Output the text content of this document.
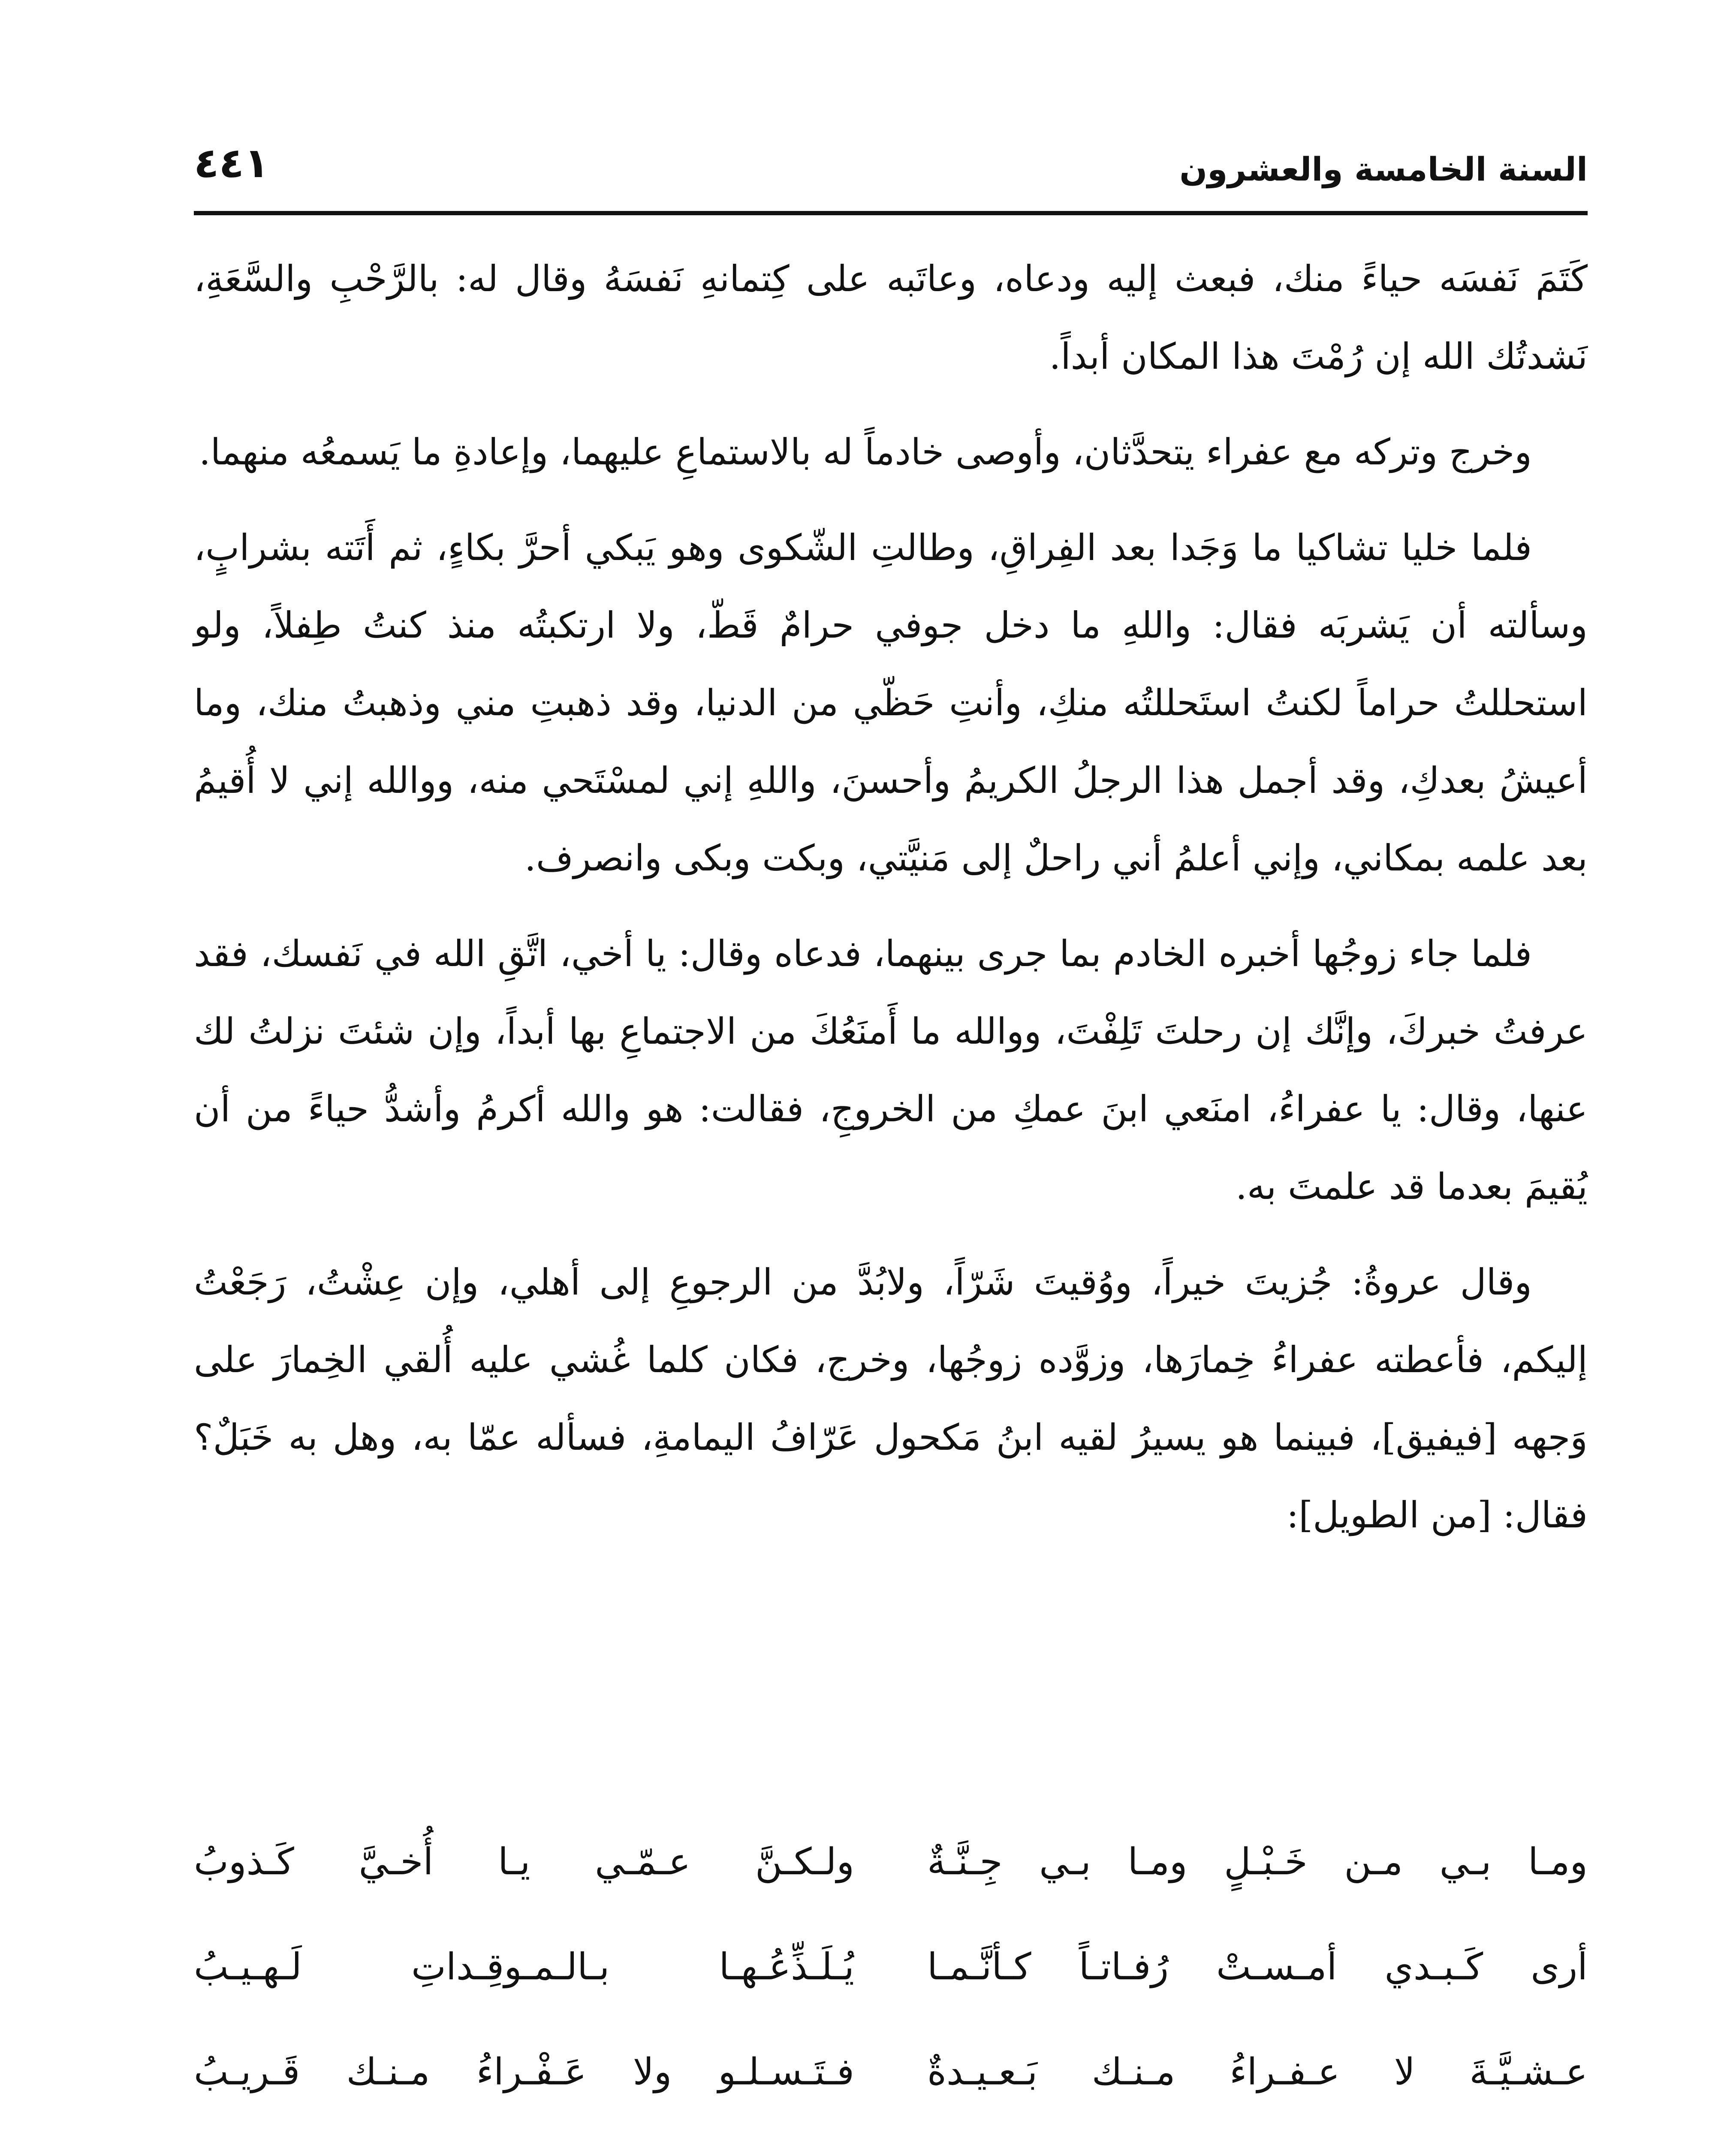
السنة الخامسة والعشرون
٤٤١

كَتَمَ نَفسَه حياءً منك، فبعث إليه ودعاه، وعاتَبه على كِتمانهِ نَفسَهُ وقال له: بالرَّحْبِ والسَّعَةِ، نَشدتُك الله إن رُمْتَ هذا المكان أبداً.

وخرج وتركه مع عفراء يتحدَّثان، وأوصى خادماً له بالاستماعِ عليهما، وإعادةِ ما يَسمعُه منهما.

فلما خليا تشاكيا ما وَجَدا بعد الفِراقِ، وطالتِ الشّكوى وهو يَبكي أحرَّ بكاءٍ، ثم أَتَته بشرابٍ، وسألته أن يَشربَه فقال: واللهِ ما دخل جوفي حرامٌ قَطّ، ولا ارتكبتُه منذ كنتُ طِفلاً، ولو استحللتُ حراماً لكنتُ استَحللتُه منكِ، وأنتِ حَظّي من الدنيا، وقد ذهبتِ مني وذهبتُ منك، وما أعيشُ بعدكِ، وقد أجمل هذا الرجلُ الكريمُ وأحسنَ، واللهِ إني لمسْتَحي منه، ووالله إني لا أُقيمُ بعد علمه بمكاني، وإني أعلمُ أني راحلٌ إلى مَنيَّتي، وبكت وبكى وانصرف.

فلما جاء زوجُها أخبره الخادم بما جرى بينهما، فدعاه وقال: يا أخي، اتَّقِ الله في نَفسك، فقد عرفتُ خبركَ، وإنَّك إن رحلتَ تَلِفْتَ، ووالله ما أَمنَعُكَ من الاجتماعِ بها أبداً، وإن شئتَ نزلتُ لك عنها، وقال: يا عفراءُ، امنَعي ابنَ عمكِ من الخروجِ، فقالت: هو والله أكرمُ وأشدُّ حياءً من أن يُقيمَ بعدما قد علمتَ به.

وقال عروةُ: جُزيتَ خيراً، ووُقيتَ شَرّاً، ولابُدَّ من الرجوعِ إلى أهلي، وإن عِشْتُ، رَجَعْتُ إليكم، فأعطته عفراءُ خِمارَها، وزوَّده زوجُها، وخرج، فكان كلما غُشي عليه أُلقي الخِمارَ على وَجهه [فيفيق]، فبينما هو يسيرُ لقيه ابنُ مَكحول عَرّافُ اليمامةِ، فسأله عمّا به، وهل به خَبَلٌ؟ فقال: [من الطويل]:

ومـا بـي مـن خَـبْـلٍ ومـا بـي جِـنَّـةٌ
ولـكـنَّ عـمّـي يـا أُخـيَّ كَـذوبُ
أرى كَـبـدي أمـسـتْ رُفـاتـاً كـأنَّـمـا
يُـلَـذِّعُـهـا بـالـمـوقِـداتِ لَـهـيـبُ
عـشـيَّـةَ لا عـفـراءُ مـنـك بَـعـيـدةٌ
فـتَـسـلـو ولا عَـفْـراءُ مـنـك قَـريـبُ
